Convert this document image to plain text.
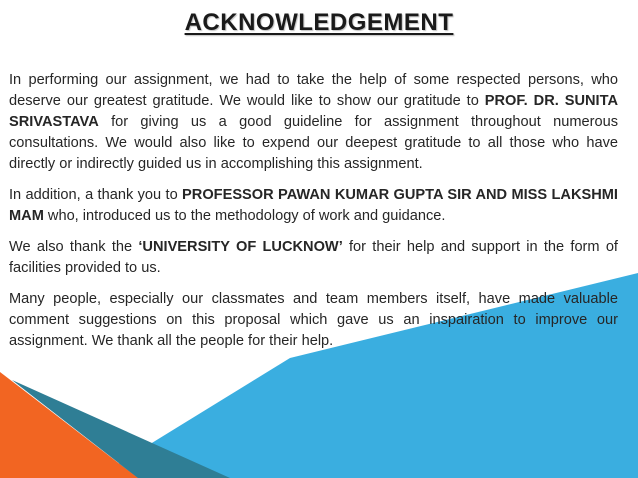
ACKNOWLEDGEMENT

In performing our assignment, we had to take the help of some respected persons, who deserve our greatest gratitude. We would like to show our gratitude to PROF. DR. SUNITA SRIVASTAVA for giving us a good guideline for assignment throughout numerous consultations. We would also like to expend our deepest gratitude to all those who have directly or indirectly guided us in accomplishing this assignment.

In addition, a thank you to PROFESSOR PAWAN KUMAR GUPTA SIR AND MISS LAKSHMI MAM who, introduced us to the methodology of work and guidance.

We also thank the ‘UNIVERSITY OF LUCKNOW’ for their help and support in the form of facilities provided to us.

Many people, especially our classmates and team members itself, have made valuable comment suggestions on this proposal which gave us an inspairation to improve our assignment. We thank all the people for their help.
